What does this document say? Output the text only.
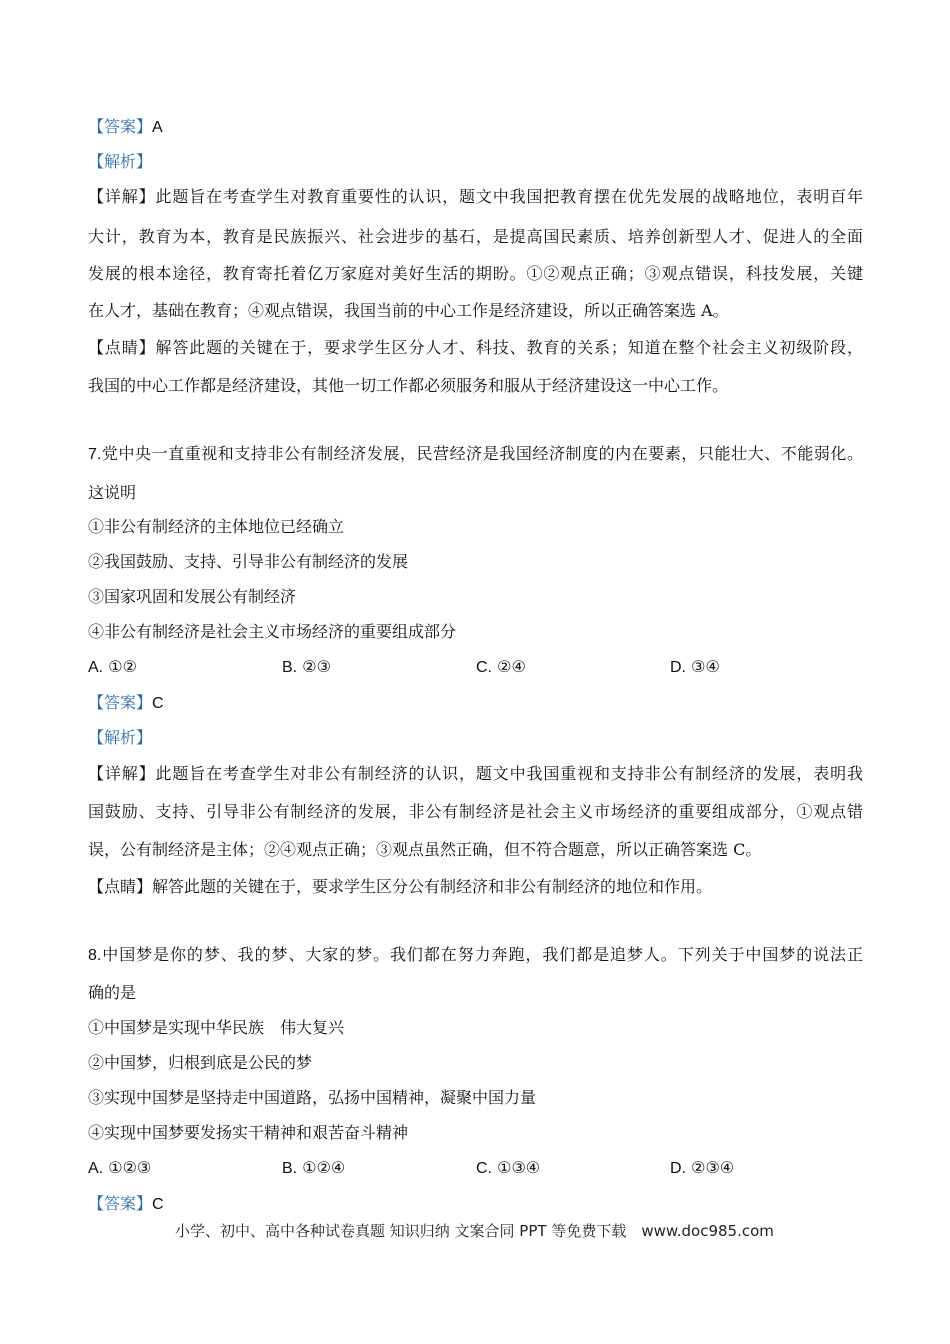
【答案】A
【解析】
【详解】此题旨在考查学生对教育重要性的认识，题文中我国把教育摆在优先发展的战略地位，表明百年
大计，教育为本，教育是民族振兴、社会进步的基石，是提高国民素质、培养创新型人才、促进人的全面
发展的根本途径，教育寄托着亿万家庭对美好生活的期盼。①②观点正确；③观点错误，科技发展，关键
在人才，基础在教育；④观点错误，我国当前的中心工作是经济建设，所以正确答案选 A。
【点睛】解答此题的关键在于，要求学生区分人才、科技、教育的关系；知道在整个社会主义初级阶段，
我国的中心工作都是经济建设，其他一切工作都必须服务和服从于经济建设这一中心工作。
7.党中央一直重视和支持非公有制经济发展，民营经济是我国经济制度的内在要素，只能壮大、不能弱化。
这说明
①非公有制经济的主体地位已经确立
②我国鼓励、支持、引导非公有制经济的发展
③国家巩固和发展公有制经济
④非公有制经济是社会主义市场经济的重要组成部分
A. ①②	B. ②③	C. ②④	D. ③④
【答案】C
【解析】
【详解】此题旨在考查学生对非公有制经济的认识，题文中我国重视和支持非公有制经济的发展，表明我
国鼓励、支持、引导非公有制经济的发展，非公有制经济是社会主义市场经济的重要组成部分，①观点错
误，公有制经济是主体；②④观点正确；③观点虽然正确，但不符合题意，所以正确答案选 C。
【点睛】解答此题的关键在于，要求学生区分公有制经济和非公有制经济的地位和作用。
8.中国梦是你的梦、我的梦、大家的梦。我们都在努力奔跑，我们都是追梦人。下列关于中国梦的说法正
确的是
①中国梦是实现中华民族　伟大复兴
②中国梦，归根到底是公民的梦
③实现中国梦是坚持走中国道路，弘扬中国精神，凝聚中国力量
④实现中国梦要发扬实干精神和艰苦奋斗精神
A. ①②③	B. ①②④	C. ①③④	D. ②③④
【答案】C
小学、初中、高中各种试卷真题 知识归纳 文案合同 PPT 等免费下载　www.doc985.com
